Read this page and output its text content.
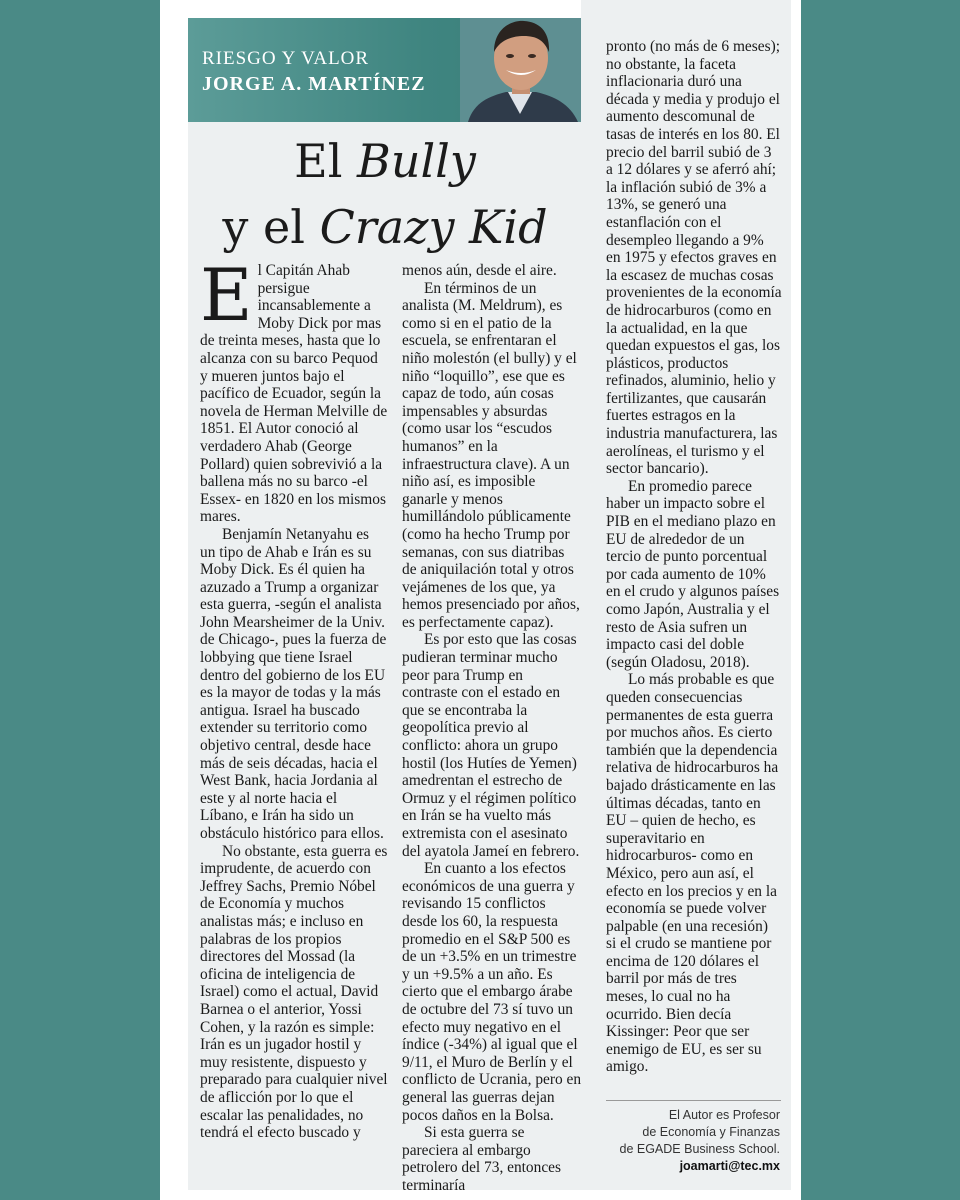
RIESGO Y VALOR
JORGE A. MARTÍNEZ
El Bully
y el Crazy Kid
E l Capitán Ahab persigue incansablemente a Moby Dick por mas de treinta meses, hasta que lo alcanza con su barco Pequod y mueren juntos bajo el pacífico de Ecuador, según la novela de Herman Melville de 1851. El Autor conoció al verdadero Ahab (George Pollard) quien sobrevivió a la ballena más no su barco -el Essex- en 1820 en los mismos mares.

Benjamín Netanyahu es un tipo de Ahab e Irán es su Moby Dick. Es él quien ha azuzado a Trump a organizar esta guerra, -según el analista John Mearsheimer de la Univ. de Chicago-, pues la fuerza de lobbying que tiene Israel dentro del gobierno de los EU es la mayor de todas y la más antigua. Israel ha buscado extender su territorio como objetivo central, desde hace más de seis décadas, hacia el West Bank, hacia Jordania al este y al norte hacia el Líbano, e Irán ha sido un obstáculo histórico para ellos.

No obstante, esta guerra es imprudente, de acuerdo con Jeffrey Sachs, Premio Nóbel de Economía y muchos analistas más; e incluso en palabras de los propios directores del Mossad (la oficina de inteligencia de Israel) como el actual, David Barnea o el anterior, Yossi Cohen, y la razón es simple: Irán es un jugador hostil y muy resistente, dispuesto y preparado para cualquier nivel de aflicción por lo que el escalar las penalidades, no tendrá el efecto buscado y

menos aún, desde el aire.

En términos de un analista (M. Meldrum), es como si en el patio de la escuela, se enfrentaran el niño molestón (el bully) y el niño “loquillo”, ese que es capaz de todo, aún cosas impensables y absurdas (como usar los “escudos humanos” en la infraestructura clave). A un niño así, es imposible ganarle y menos humillándolo públicamente (como ha hecho Trump por semanas, con sus diatribas de aniquilación total y otros vejámenes de los que, ya hemos presenciado por años, es perfectamente capaz).

Es por esto que las cosas pudieran terminar mucho peor para Trump en contraste con el estado en que se encontraba la geopolítica previo al conflicto: ahora un grupo hostil (los Hutíes de Yemen) amedrentan el estrecho de Ormuz y el régimen político en Irán se ha vuelto más extremista con el asesinato del ayatola Jameí en febrero.

En cuanto a los efectos económicos de una guerra y revisando 15 conflictos desde los 60, la respuesta promedio en el S&P 500 es de un +3.5% en un trimestre y un +9.5% a un año. Es cierto que el embargo árabe de octubre del 73 sí tuvo un efecto muy negativo en el índice (-34%) al igual que el 9/11, el Muro de Berlín y el conflicto de Ucrania, pero en general las guerras dejan pocos daños en la Bolsa.

Si esta guerra se pareciera al embargo petrolero del 73, entonces terminaría

pronto (no más de 6 meses); no obstante, la faceta inflacionaria duró una década y media y produjo el aumento descomunal de tasas de interés en los 80. El precio del barril subió de 3 a 12 dólares y se aferró ahí; la inflación subió de 3% a 13%, se generó una estanflación con el desempleo llegando a 9% en 1975 y efectos graves en la escasez de muchas cosas provenientes de la economía de hidrocarburos (como en la actualidad, en la que quedan expuestos el gas, los plásticos, productos refinados, aluminio, helio y fertilizantes, que causarán fuertes estragos en la industria manufacturera, las aerolíneas, el turismo y el sector bancario).

En promedio parece haber un impacto sobre el PIB en el mediano plazo en EU de alrededor de un tercio de punto porcentual por cada aumento de 10% en el crudo y algunos países como Japón, Australia y el resto de Asia sufren un impacto casi del doble (según Oladosu, 2018).

Lo más probable es que queden consecuencias permanentes de esta guerra por muchos años. Es cierto también que la dependencia relativa de hidrocarburos ha bajado drásticamente en las últimas décadas, tanto en EU – quien de hecho, es superavitario en hidrocarburos- como en México, pero aun así, el efecto en los precios y en la economía se puede volver palpable (en una recesión) si el crudo se mantiene por encima de 120 dólares el barril por más de tres meses, lo cual no ha ocurrido. Bien decía Kissinger: Peor que ser enemigo de EU, es ser su amigo.

El Autor es Profesor

de Economía y Finanzas

de EGADE Business School.

joamarti@tec.mx
